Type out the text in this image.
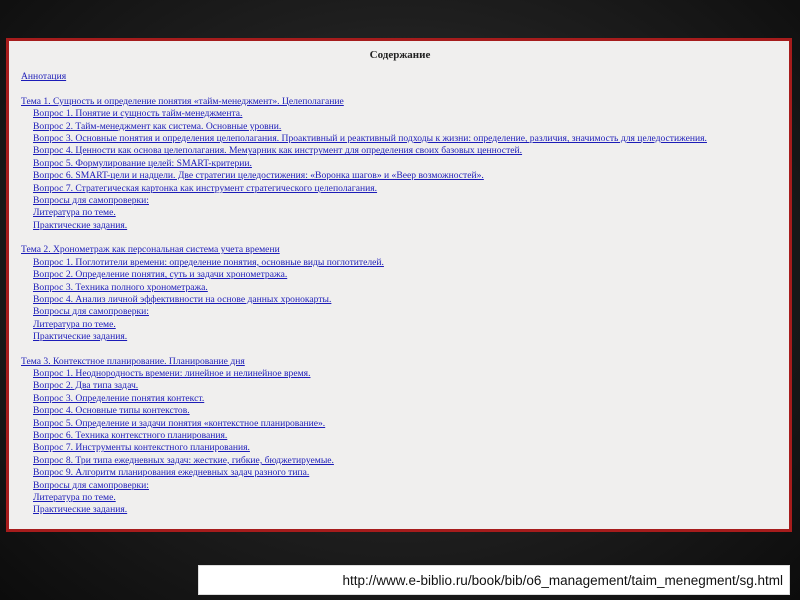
Содержание
Аннотация
Тема 1. Сущность и определение понятия «тайм-менеджмент». Целеполагание
Вопрос 1. Понятие и сущность тайм-менеджмента.
Вопрос 2. Тайм-менеджмент как система. Основные уровни.
Вопрос 3. Основные понятия и определения целеполагания. Проактивный и реактивный подходы к жизни: определение, различия, значимость для целедостижения.
Вопрос 4. Ценности как основа целеполагания. Мемуарник как инструмент для определения своих базовых ценностей.
Вопрос 5. Формулирование целей: SMART-критерии.
Вопрос 6. SMART-цели и надцели. Две стратегии целедостижения: «Воронка шагов» и «Веер возможностей».
Вопрос 7. Стратегическая картонка как инструмент стратегического целеполагания.
Вопросы для самопроверки:
Литература по теме.
Практические задания.
Тема 2. Хронометраж как персональная система учета времени
Вопрос 1. Поглотители времени: определение понятия, основные виды поглотителей.
Вопрос 2. Определение понятия, суть и задачи хронометража.
Вопрос 3. Техника полного хронометража.
Вопрос 4. Анализ личной эффективности на основе данных хронокарты.
Вопросы для самопроверки:
Литература по теме.
Практические задания.
Тема 3. Контекстное планирование. Планирование дня
Вопрос 1. Неоднородность времени: линейное и нелинейное время.
Вопрос 2. Два типа задач.
Вопрос 3. Определение понятия контекст.
Вопрос 4. Основные типы контекстов.
Вопрос 5. Определение и задачи понятия «контекстное планирование».
Вопрос 6. Техника контекстного планирования.
Вопрос 7. Инструменты контекстного планирования.
Вопрос 8. Три типа ежедневных задач: жесткие, гибкие, бюджетируемые.
Вопрос 9. Алгоритм планирования ежедневных задач разного типа.
Вопросы для самопроверки:
Литература по теме.
Практические задания.
http://www.e-biblio.ru/book/bib/o6_management/taim_menegment/sg.html
